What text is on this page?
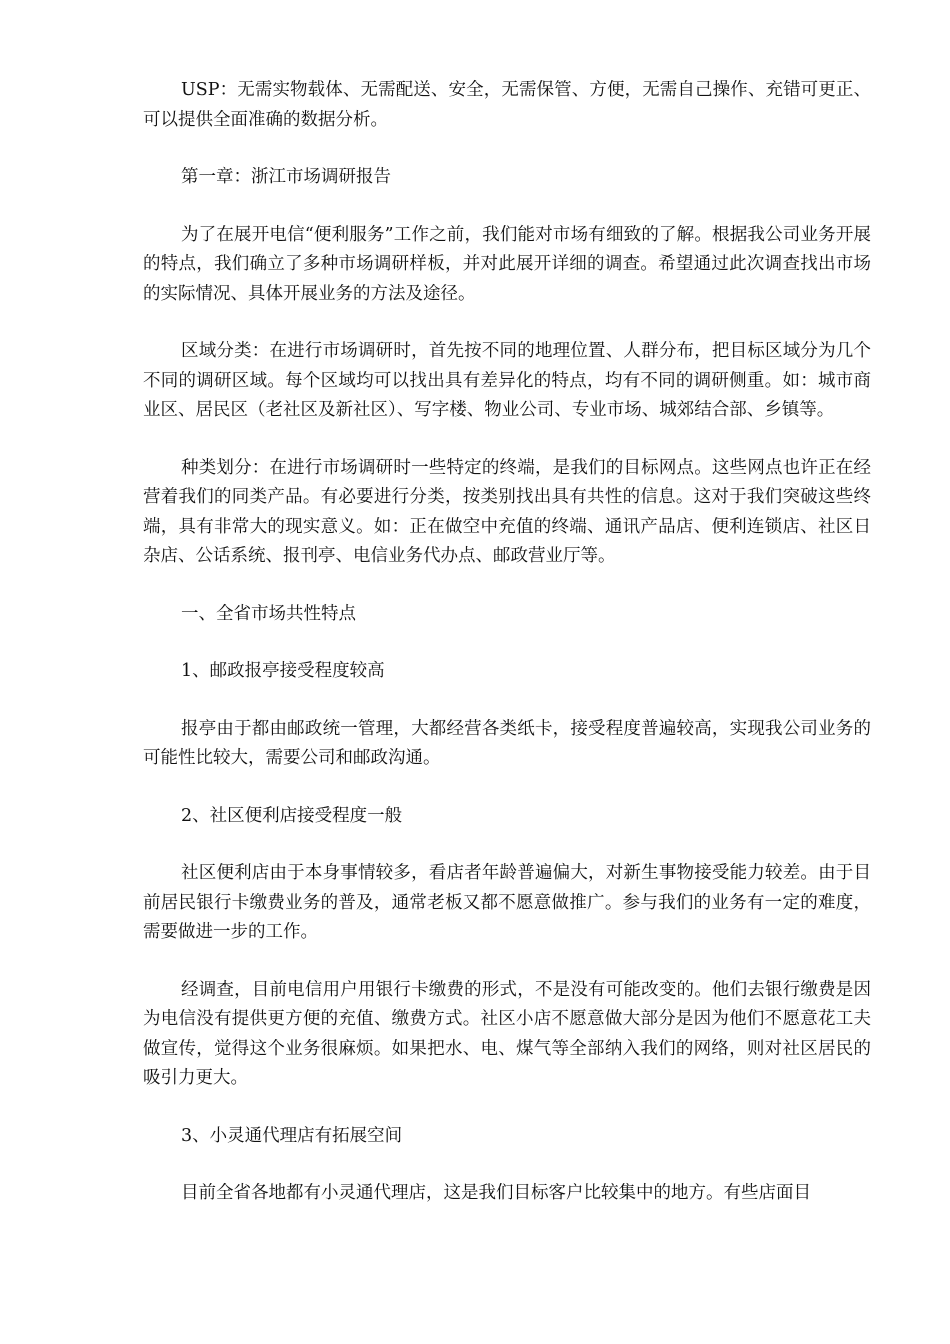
USP：无需实物载体、无需配送、安全，无需保管、方便，无需自己操作、充错可更正、可以提供全面准确的数据分析。

第一章：浙江市场调研报告

为了在展开电信“便利服务”工作之前，我们能对市场有细致的了解。根据我公司业务开展的特点，我们确立了多种市场调研样板，并对此展开详细的调查。希望通过此次调查找出市场的实际情况、具体开展业务的方法及途径。

区域分类：在进行市场调研时，首先按不同的地理位置、人群分布，把目标区域分为几个不同的调研区域。每个区域均可以找出具有差异化的特点，均有不同的调研侧重。如：城市商业区、居民区（老社区及新社区）、写字楼、物业公司、专业市场、城郊结合部、乡镇等。

种类划分：在进行市场调研时一些特定的终端，是我们的目标网点。这些网点也许正在经营着我们的同类产品。有必要进行分类，按类别找出具有共性的信息。这对于我们突破这些终端，具有非常大的现实意义。如：正在做空中充值的终端、通讯产品店、便利连锁店、社区日杂店、公话系统、报刊亭、电信业务代办点、邮政营业厅等。

一、全省市场共性特点

1、邮政报亭接受程度较高

报亭由于都由邮政统一管理，大都经营各类纸卡，接受程度普遍较高，实现我公司业务的可能性比较大，需要公司和邮政沟通。

2、社区便利店接受程度一般

社区便利店由于本身事情较多，看店者年龄普遍偏大，对新生事物接受能力较差。由于目前居民银行卡缴费业务的普及，通常老板又都不愿意做推广。参与我们的业务有一定的难度，需要做进一步的工作。

经调查，目前电信用户用银行卡缴费的形式，不是没有可能改变的。他们去银行缴费是因为电信没有提供更方便的充值、缴费方式。社区小店不愿意做大部分是因为他们不愿意花工夫做宣传，觉得这个业务很麻烦。如果把水、电、煤气等全部纳入我们的网络，则对社区居民的吸引力更大。

3、小灵通代理店有拓展空间

目前全省各地都有小灵通代理店，这是我们目标客户比较集中的地方。有些店面目
